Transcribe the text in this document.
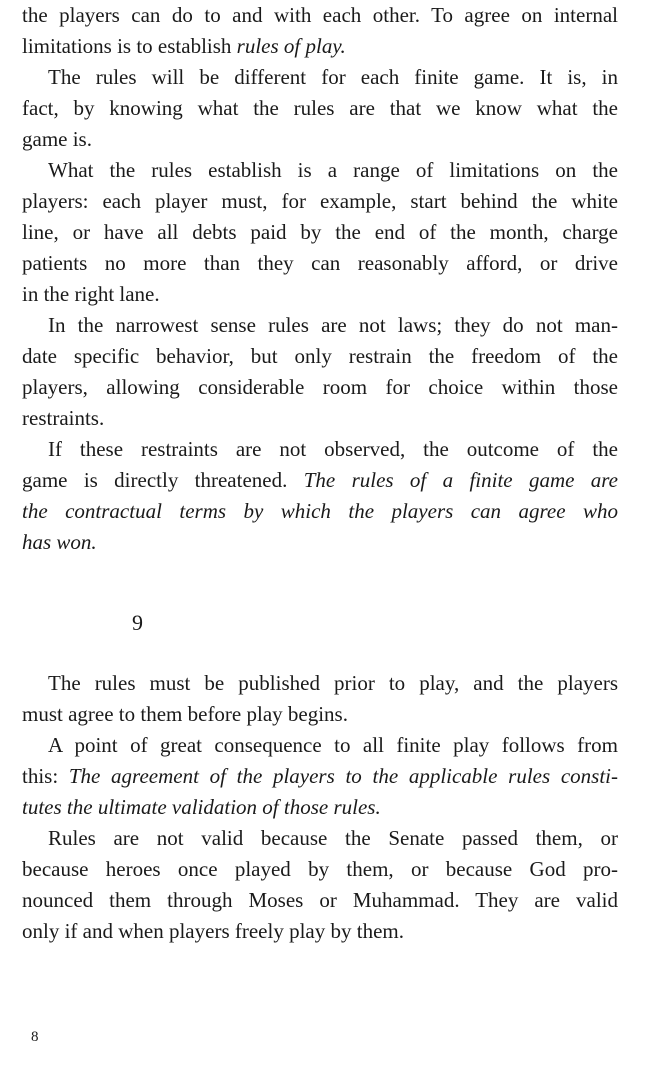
the players can do to and with each other. To agree on internal
limitations is to establish rules of play.
The rules will be different for each finite game. It is, in
fact, by knowing what the rules are that we know what the
game is.
What the rules establish is a range of limitations on the
players: each player must, for example, start behind the white
line, or have all debts paid by the end of the month, charge
patients no more than they can reasonably afford, or drive
in the right lane.
In the narrowest sense rules are not laws; they do not man-
date specific behavior, but only restrain the freedom of the
players, allowing considerable room for choice within those
restraints.
If these restraints are not observed, the outcome of the
game is directly threatened. The rules of a finite game are
the contractual terms by which the players can agree who
has won.
The rules must be published prior to play, and the players
must agree to them before play begins.
A point of great consequence to all finite play follows from
this: The agreement of the players to the applicable rules consti-
tutes the ultimate validation of those rules.
Rules are not valid because the Senate passed them, or
because heroes once played by them, or because God pro-
nounced them through Moses or Muhammad. They are valid
only if and when players freely play by them.
9
8
